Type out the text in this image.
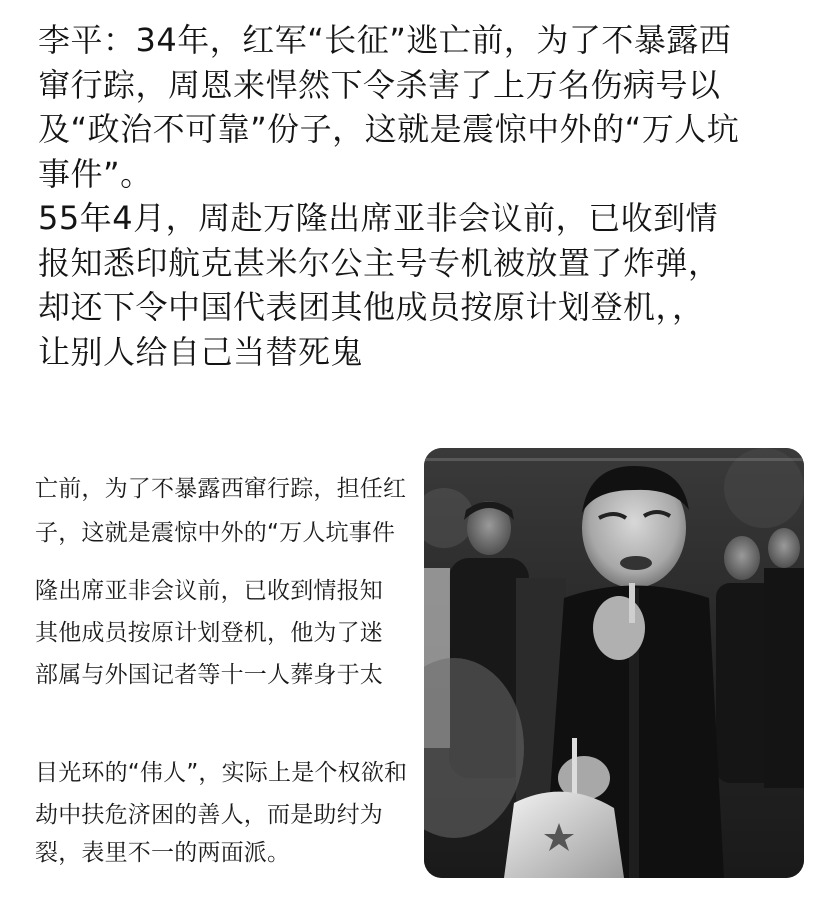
李平：34年，红军“长征”逃亡前，为了不暴露西

窜行踪，周恩来悍然下令杀害了上万名伤病号以

及“政治不可靠”份子，这就是震惊中外的“万人坑

事件”。

55年4月，周赴万隆出席亚非会议前，已收到情

报知悉印航克甚米尔公主号专机被放置了炸弹，

却还下令中国代表团其他成员按原计划登机，，

让别人给自己当替死鬼

亡前，为了不暴露西窜行踪，担任红
子，这就是震惊中外的“万人坑事件
隆出席亚非会议前，已收到情报知
其他成员按原计划登机，他为了迷
部属与外国记者等十一人葬身于太
目光环的“伟人”，实际上是个权欲和
劫中扶危济困的善人，而是助纣为
裂，表里不一的两面派。
